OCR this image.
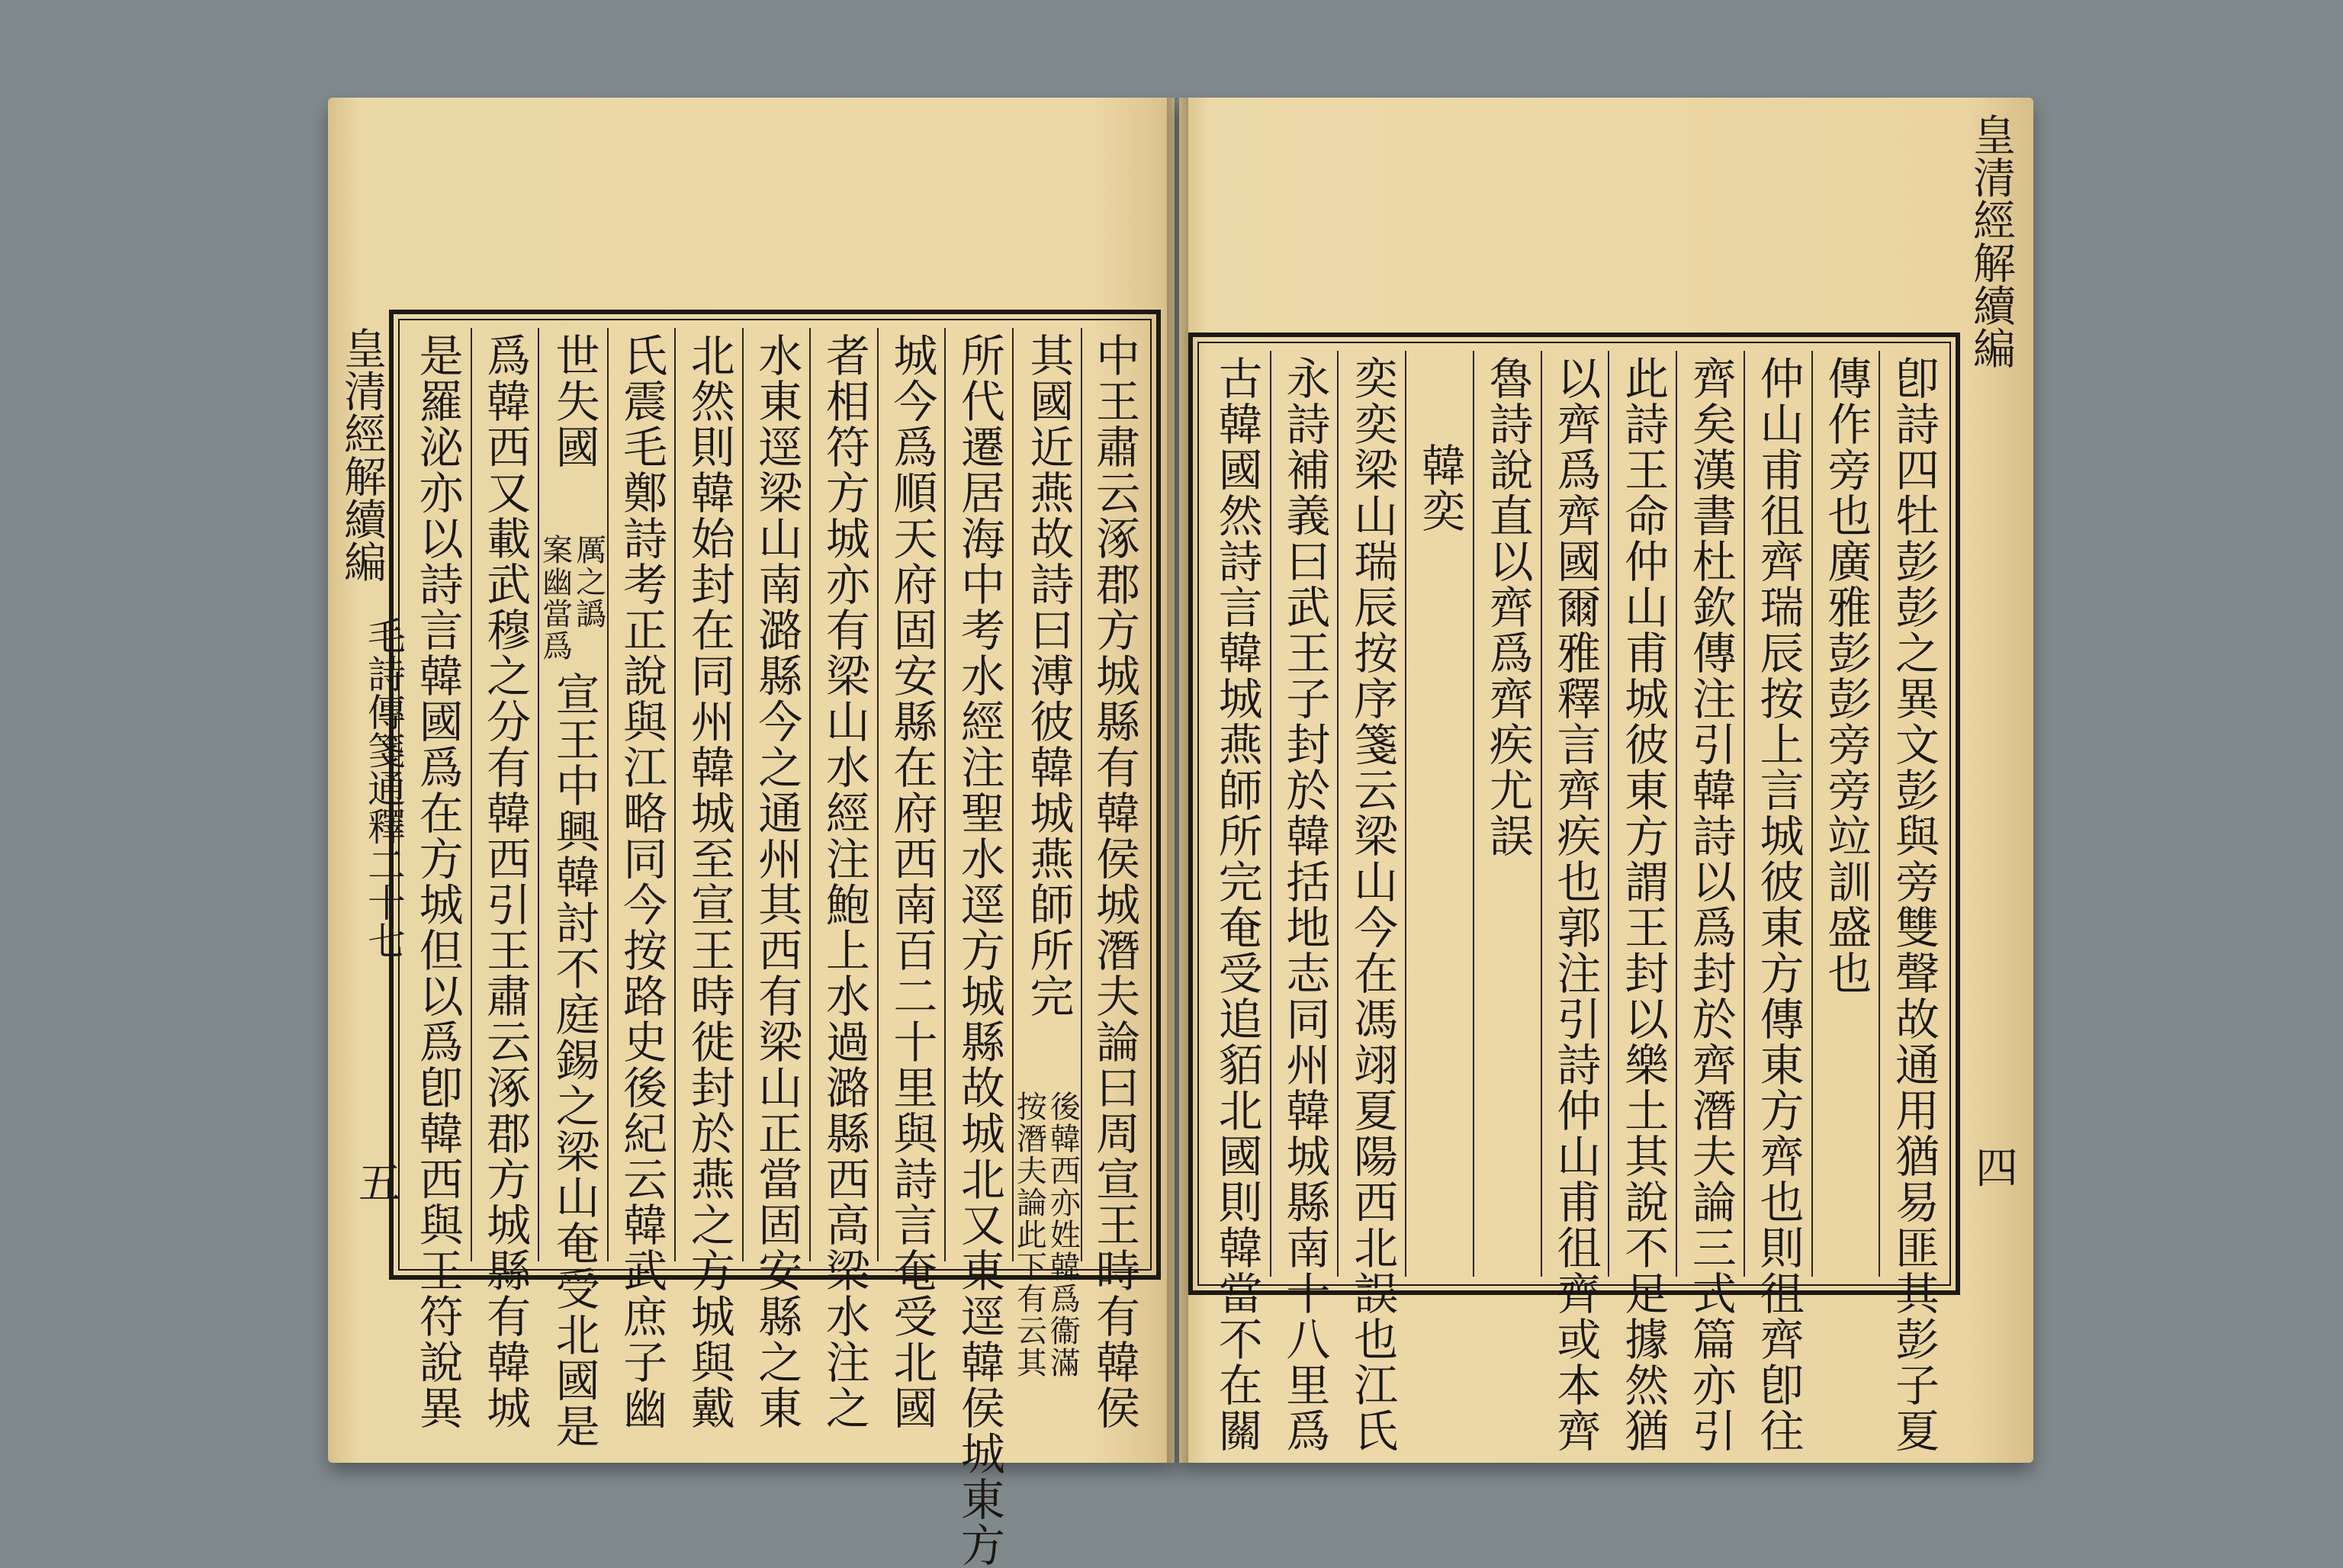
皇清經解續編
毛詩傳箋通釋二十七
五	中王肅云涿郡方城縣有韓侯城潛夫論曰周宣王時有韓侯
其國近燕故詩曰溥彼韓城燕師所完
按潛夫論此下有云其
後韓西亦姓韓爲衞滿
所代遷居海中考水經注聖水逕方城縣故城北又東逕韓侯城東方
城今爲順天府固安縣在府西南百二十里與詩言奄受北國
者相符方城亦有梁山水經注鮑上水過潞縣西高梁水注之
水東逕梁山南潞縣今之通州其西有梁山正當固安縣之東
北然則韓始封在同州韓城至宣王時徙封於燕之方城與戴
氏震毛鄭詩考正說與江略同今按路史後紀云韓武庶子幽
世失國
案幽當爲
厲之譌
宣王中興韓討不庭錫之梁山奄受北國是
爲韓西又載武穆之分有韓西引王肅云涿郡方城縣有韓城
是羅泌亦以詩言韓國爲在方城但以爲卽韓西與王符說異
皇清經解續編
四
卽詩四牡彭彭之異文彭與旁雙聲故通用猶易匪其彭子夏
傳作旁也廣雅彭彭旁旁竝訓盛也
仲山甫徂齊瑞辰按上言城彼東方傳東方齊也則徂齊卽往
齊矣漢書杜欽傳注引韓詩以爲封於齊潛夫論三式篇亦引
此詩王命仲山甫城彼東方謂王封以樂土其說不足據然猶
以齊爲齊國爾雅釋言齊疾也郭注引詩仲山甫徂齊或本齊
魯詩說直以齊爲齊疾尤誤
韓奕
奕奕梁山瑞辰按序箋云梁山今在馮翊夏陽西北誤也江氏
永詩補義曰武王子封於韓括地志同州韓城縣南十八里爲
古韓國然詩言韓城燕師所完奄受追貊北國則韓當不在關
